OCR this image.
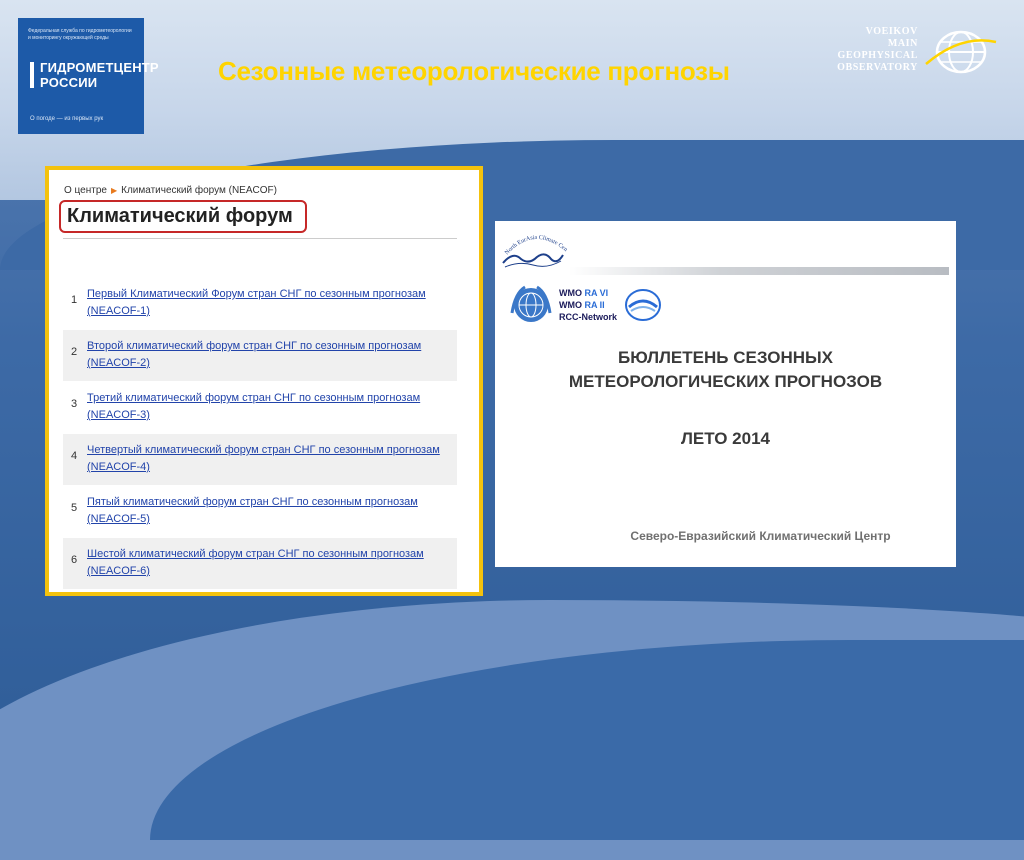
Федеральная служба по гидрометеорологии и мониторингу окружающей среды
ГИДРОМЕТЦЕНТР
РОССИИ
О погоде — из первых рук
Сезонные метеорологические прогнозы
VOEIKOV
MAIN
GEOPHYSICAL
OBSERVATORY
О центре ▶ Климатический форум (NEACOF)
Климатический форум
1 Первый Климатический Форум стран СНГ по сезонным прогнозам (NEACOF-1)
2 Второй климатический форум стран СНГ по сезонным прогнозам (NEACOF-2)
3 Третий климатический форум стран СНГ по сезонным прогнозам (NEACOF-3)
4 Четвертый климатический форум стран СНГ по сезонным прогнозам (NEACOF-4)
5 Пятый климатический форум стран СНГ по сезонным прогнозам (NEACOF-5)
6 Шестой климатический форум стран СНГ по сезонным прогнозам (NEACOF-6)
North EurAsia Climate Cen
WMO RA VI
WMO RA II
RCC-Network
БЮЛЛЕТЕНЬ СЕЗОННЫХ
МЕТЕОРОЛОГИЧЕСКИХ ПРОГНОЗОВ
ЛЕТО 2014
Северо-Евразийский Климатический Центр
